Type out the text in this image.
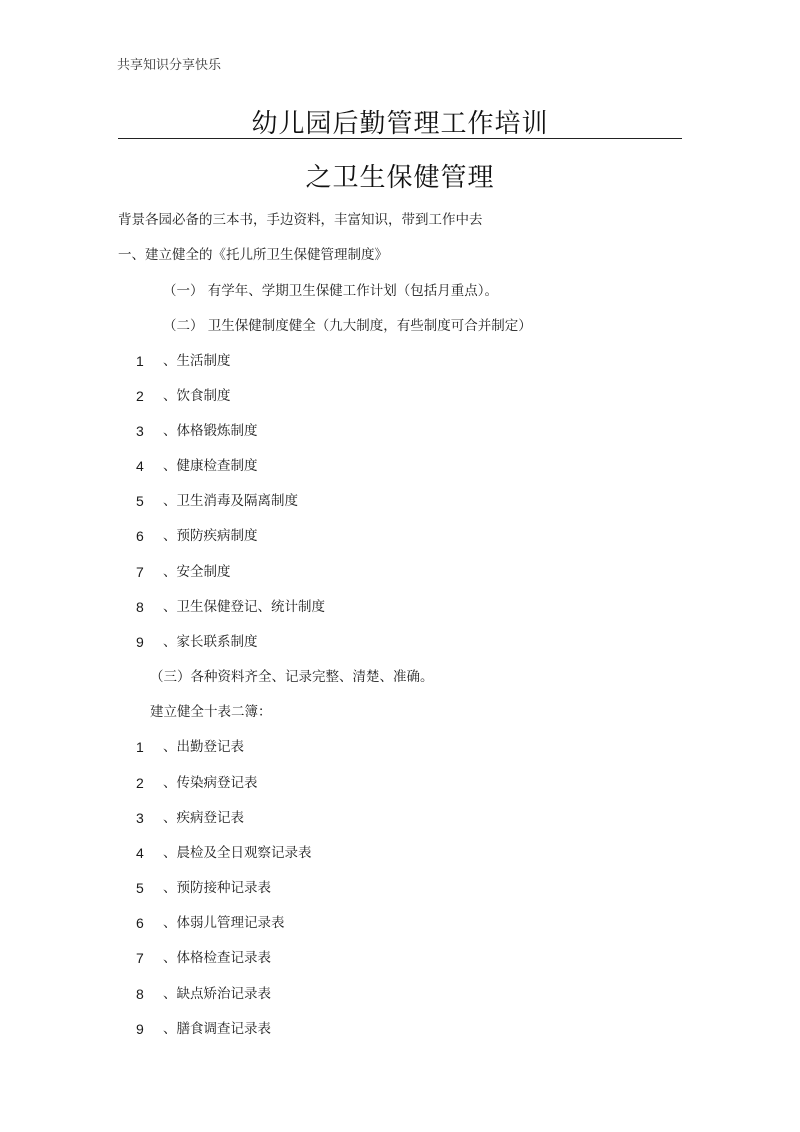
共享知识分享快乐
幼儿园后勤管理工作培训
之卫生保健管理
背景各园必备的三本书，手边资料，丰富知识，带到工作中去
一、建立健全的《托儿所卫生保健管理制度》
（一） 有学年、学期卫生保健工作计划（包括月重点）。
（二） 卫生保健制度健全（九大制度，有些制度可合并制定）
1 、生活制度
2 、饮食制度
3 、体格锻炼制度
4 、健康检查制度
5 、卫生消毒及隔离制度
6 、预防疾病制度
7 、安全制度
8 、卫生保健登记、统计制度
9 、家长联系制度
（三）各种资料齐全、记录完整、清楚、准确。
建立健全十表二簿：
1 、出勤登记表
2 、传染病登记表
3 、疾病登记表
4 、晨检及全日观察记录表
5 、预防接种记录表
6 、体弱儿管理记录表
7 、体格检查记录表
8 、缺点矫治记录表
9 、膳食调查记录表
